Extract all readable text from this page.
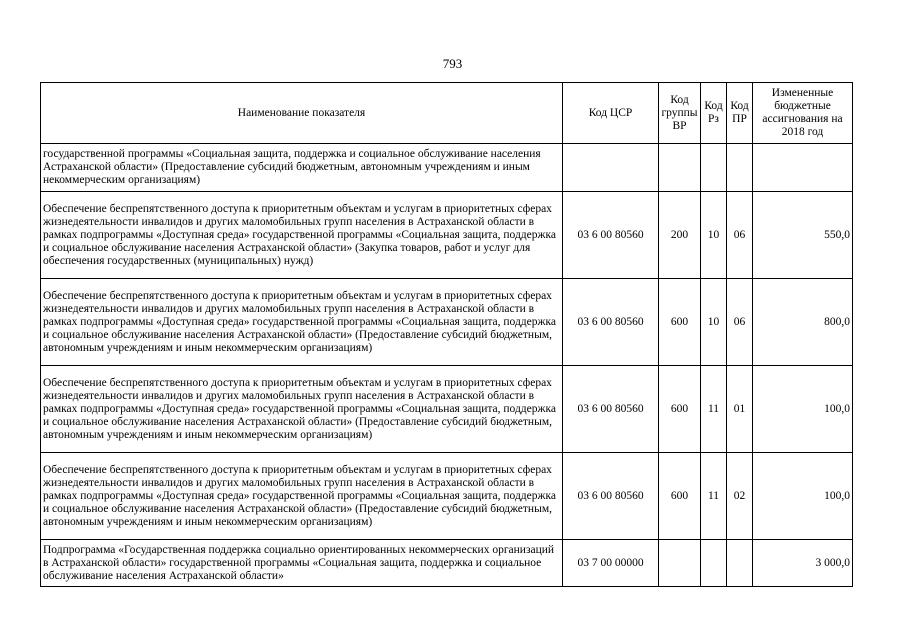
793
Наименование показателя	Код ЦСР	Код группы ВР	Код Рз	Код ПР	Измененные бюджетные ассигнования на 2018 год
государственной программы «Социальная защита, поддержка и социальное обслуживание населения Астраханской области» (Предоставление субсидий бюджетным, автономным учреждениям и иным некоммерческим организациям)					
Обеспечение беспрепятственного доступа к приоритетным объектам и услугам в приоритетных сферах жизнедеятельности инвалидов и других маломобильных групп населения в Астраханской области в рамках подпрограммы «Доступная среда» государственной программы «Социальная защита, поддержка и социальное обслуживание населения Астраханской области» (Закупка товаров, работ и услуг для обеспечения государственных (муниципальных) нужд)	03 6 00 80560	200	10	06	550,0
Обеспечение беспрепятственного доступа к приоритетным объектам и услугам в приоритетных сферах жизнедеятельности инвалидов и других маломобильных групп населения в Астраханской области в рамках подпрограммы «Доступная среда» государственной программы «Социальная защита, поддержка и социальное обслуживание населения Астраханской области» (Предоставление субсидий бюджетным, автономным учреждениям и иным некоммерческим организациям)	03 6 00 80560	600	10	06	800,0
Обеспечение беспрепятственного доступа к приоритетным объектам и услугам в приоритетных сферах жизнедеятельности инвалидов и других маломобильных групп населения в Астраханской области в рамках подпрограммы «Доступная среда» государственной программы «Социальная защита, поддержка и социальное обслуживание населения Астраханской области» (Предоставление субсидий бюджетным, автономным учреждениям и иным некоммерческим организациям)	03 6 00 80560	600	11	01	100,0
Обеспечение беспрепятственного доступа к приоритетным объектам и услугам в приоритетных сферах жизнедеятельности инвалидов и других маломобильных групп населения в Астраханской области в рамках подпрограммы «Доступная среда» государственной программы «Социальная защита, поддержка и социальное обслуживание населения Астраханской области» (Предоставление субсидий бюджетным, автономным учреждениям и иным некоммерческим организациям)	03 6 00 80560	600	11	02	100,0
Подпрограмма «Государственная поддержка социально ориентированных некоммерческих организаций в Астраханской области» государственной программы «Социальная защита, поддержка и социальное обслуживание населения Астраханской области»	03 7 00 00000				3 000,0
